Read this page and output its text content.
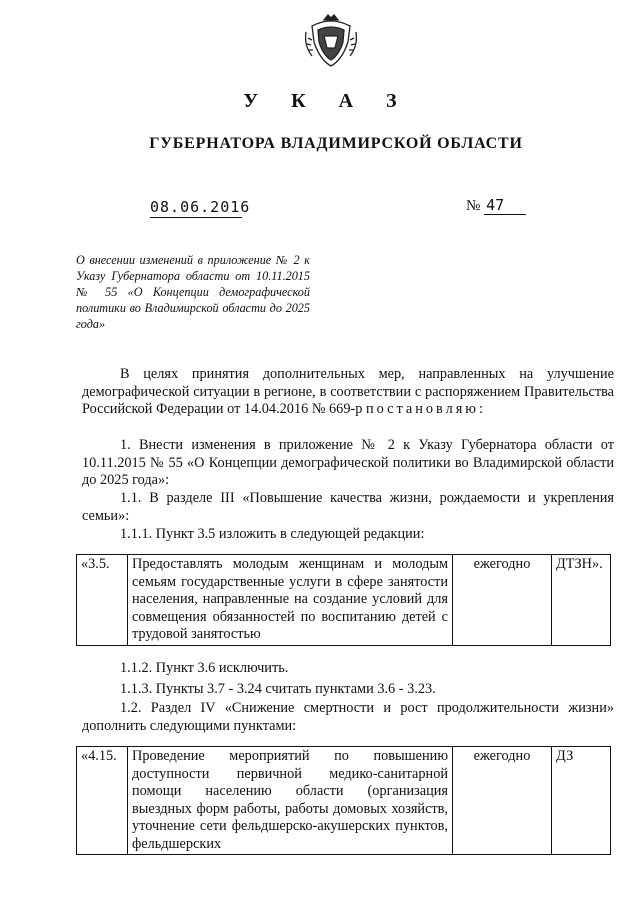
У К А З
ГУБЕРНАТОРА ВЛАДИМИРСКОЙ ОБЛАСТИ
08.06.2016	№ 47
О внесении изменений в приложение № 2 к Указу Губернатора области от 10.11.2015 № 55 «О Концепции демографической политики во Владимирской области до 2025 года»
В целях принятия дополнительных мер, направленных на улучшение демографической ситуации в регионе, в соответствии с распоряжением Правительства Российской Федерации от 14.04.2016 № 669-р постановляю:
1. Внести изменения в приложение № 2 к Указу Губернатора области от 10.11.2015 № 55 «О Концепции демографической политики во Владимирской области до 2025 года»:
1.1. В разделе III «Повышение качества жизни, рождаемости и укрепления семьи»:
1.1.1. Пункт 3.5 изложить в следующей редакции:
«3.5.	Предоставлять молодым женщинам и молодым семьям государственные услуги в сфере занятости населения, направленные на создание условий для совмещения обязанностей по воспитанию детей с трудовой занятостью	ежегодно	ДТЗН».
1.1.2. Пункт 3.6 исключить.
1.1.3. Пункты 3.7 - 3.24 считать пунктами 3.6 - 3.23.
1.2. Раздел IV «Снижение смертности и рост продолжительности жизни» дополнить следующими пунктами:
«4.15.	Проведение мероприятий по повышению доступности первичной медико-санитарной помощи населению области (организация выездных форм работы, работы домовых хозяйств, уточнение сети фельдшерско-акушерских пунктов, фельдшерских	ежегодно	ДЗ
